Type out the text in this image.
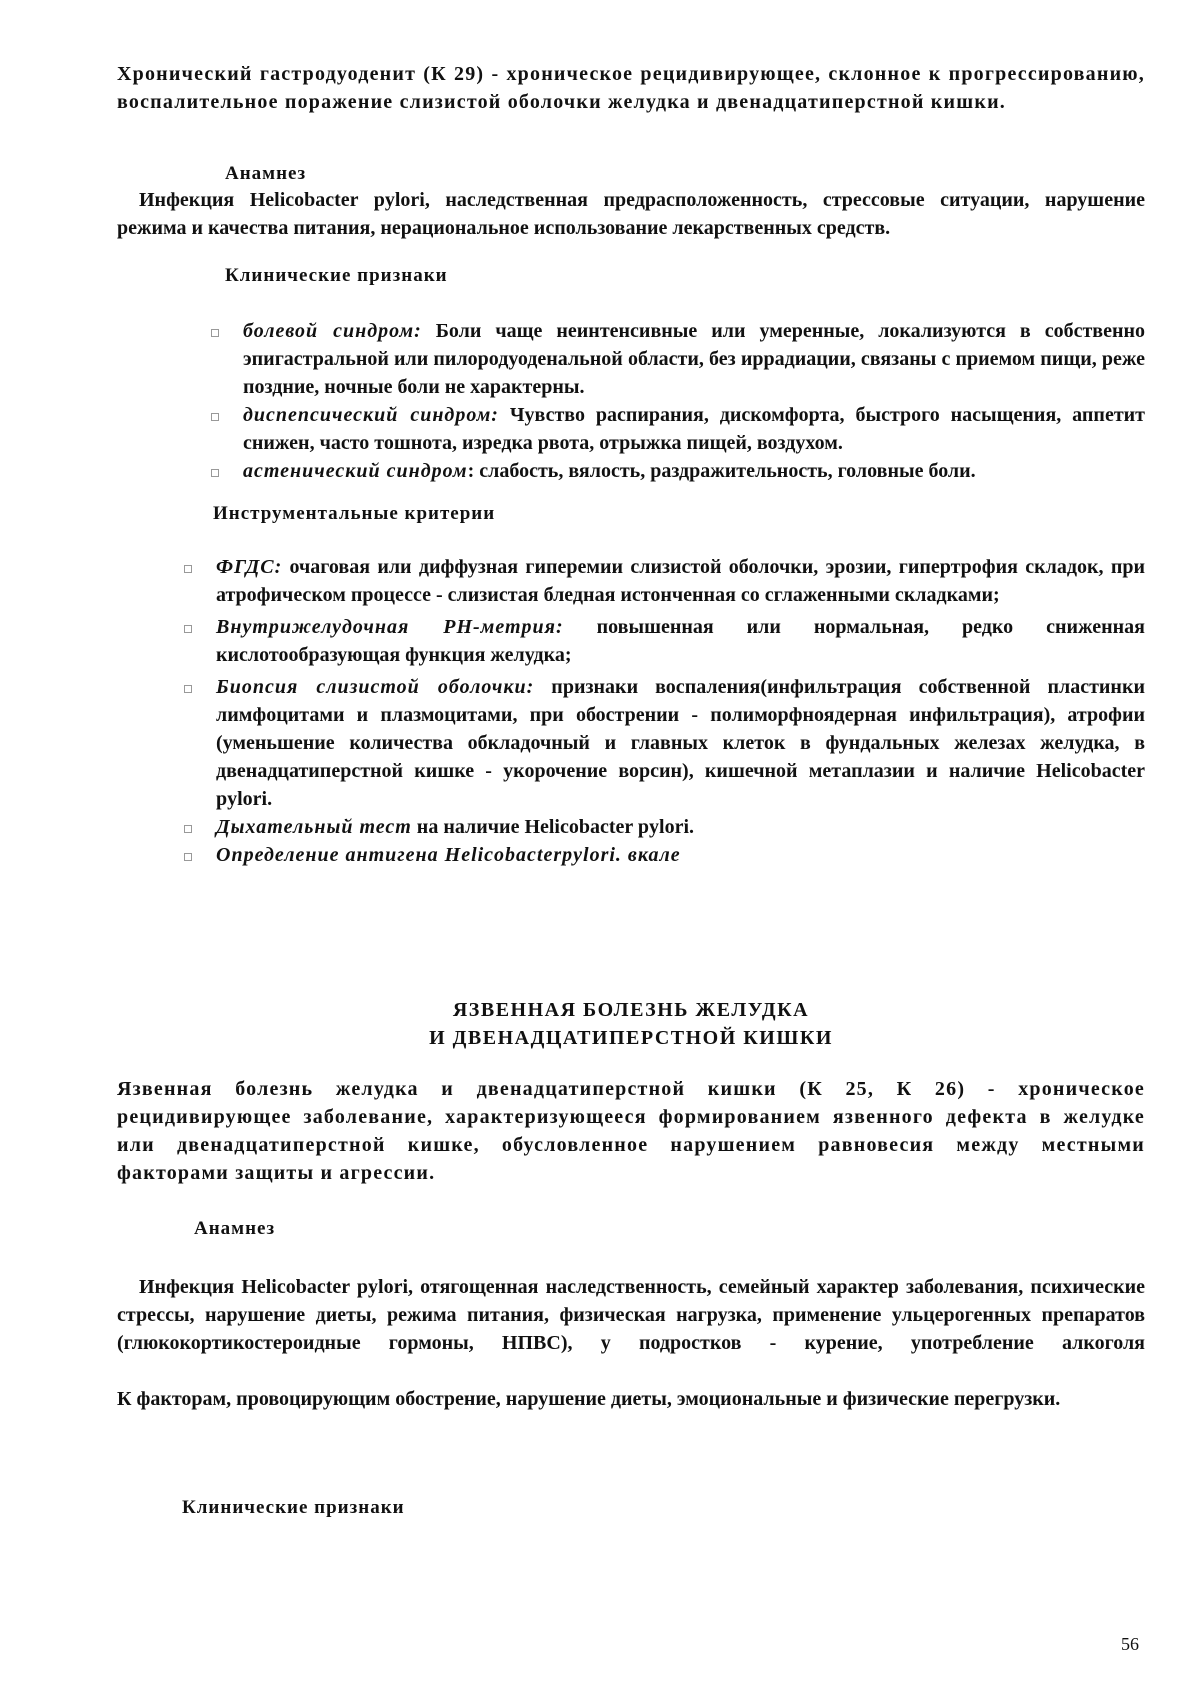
Хронический гастродуоденит (К 29) - хроническое рецидивирующее, склонное к прогрессированию, воспалительное поражение слизистой оболочки желудка и двенадцатиперстной кишки.

Анамнез

Инфекция Helicobacter pylori, наследственная предрасположенность, стрессовые ситуации, нарушение режима и качества питания, нерациональное использование лекарственных средств.

Клинические признаки

болевой синдром: Боли чаще неинтенсивные или умеренные, локализуются в собственно эпигастральной или пилородуоденальной области, без иррадиации, связаны с приемом пищи, реже поздние, ночные боли не характерны.
диспепсический синдром: Чувство распирания, дискомфорта, быстрого насыщения, аппетит снижен, часто тошнота, изредка рвота, отрыжка пищей, воздухом.
астенический синдром: слабость, вялость, раздражительность, головные боли.

Инструментальные критерии

ФГДС: очаговая или диффузная гиперемии слизистой оболочки, эрозии, гипертрофия складок, при атрофическом процессе - слизистая бледная истонченная со сглаженными складками;
Внутрижелудочная РН-метрия: повышенная или нормальная, редко сниженная кислотообразующая функция желудка;
Биопсия слизистой оболочки: признаки воспаления(инфильтрация собственной пластинки лимфоцитами и плазмоцитами, при обострении - полиморфноядерная инфильтрация), атрофии (уменьшение количества обкладочный и главных клеток в фундальных железах желудка, в двенадцатиперстной кишке - укорочение ворсин), кишечной метаплазии и наличие Helicobacter pylori.
Дыхательный тест на наличие Helicobacter pylori.
Определение антигена Helicobacterpylori. вкале

ЯЗВЕННАЯ БОЛЕЗНЬ ЖЕЛУДКА

И ДВЕНАДЦАТИПЕРСТНОЙ КИШКИ

Язвенная болезнь желудка и двенадцатиперстной кишки (К 25, К 26) - хроническое рецидивирующее заболевание, характеризующееся формированием язвенного дефекта в желудке или двенадцатиперстной кишке, обусловленное нарушением равновесия между местными факторами защиты и агрессии.

Анамнез

Инфекция Helicobacter pylori, отягощенная наследственность, семейный характер заболевания, психические стрессы, нарушение диеты, режима питания, физическая нагрузка, применение ульцерогенных препаратов (глюкокортикостероидные гормоны, НПВС), у подростков - курение, употребление алкоголя

К факторам, провоцирующим обострение, нарушение диеты, эмоциональные и физические перегрузки.

Клинические признаки

56
